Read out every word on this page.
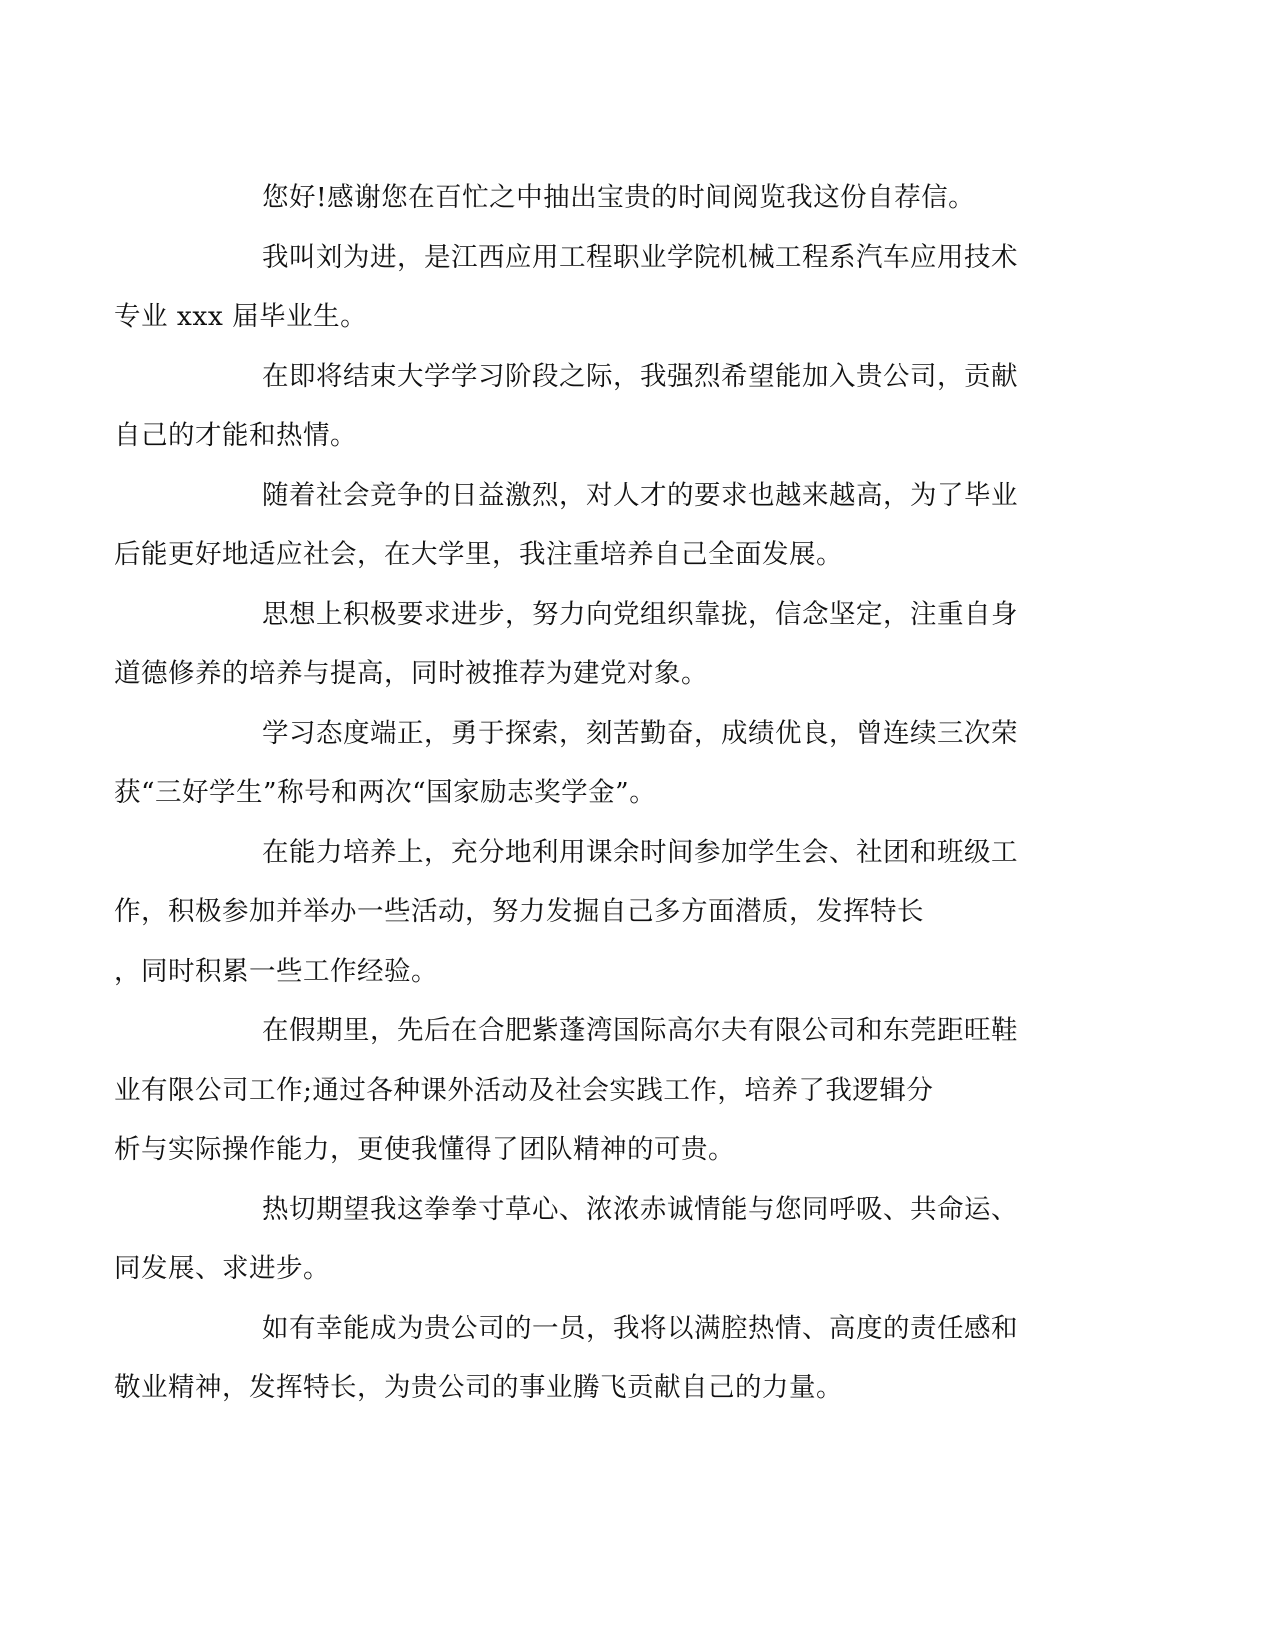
您好!感谢您在百忙之中抽出宝贵的时间阅览我这份自荐信。

我叫刘为进，是江西应用工程职业学院机械工程系汽车应用技术
专业 xxx 届毕业生。

在即将结束大学学习阶段之际，我强烈希望能加入贵公司，贡献
自己的才能和热情。

随着社会竞争的日益激烈，对人才的要求也越来越高，为了毕业
后能更好地适应社会，在大学里，我注重培养自己全面发展。

思想上积极要求进步，努力向党组织靠拢，信念坚定，注重自身
道德修养的培养与提高，同时被推荐为建党对象。

学习态度端正，勇于探索，刻苦勤奋，成绩优良，曾连续三次荣
获“三好学生”称号和两次“国家励志奖学金”。

在能力培养上，充分地利用课余时间参加学生会、社团和班级工
作，积极参加并举办一些活动，努力发掘自己多方面潜质，发挥特长
，同时积累一些工作经验。

在假期里，先后在合肥紫蓬湾国际高尔夫有限公司和东莞距旺鞋
业有限公司工作;通过各种课外活动及社会实践工作，培养了我逻辑分
析与实际操作能力，更使我懂得了团队精神的可贵。

热切期望我这拳拳寸草心、浓浓赤诚情能与您同呼吸、共命运、
同发展、求进步。

如有幸能成为贵公司的一员，我将以满腔热情、高度的责任感和
敬业精神，发挥特长，为贵公司的事业腾飞贡献自己的力量。
